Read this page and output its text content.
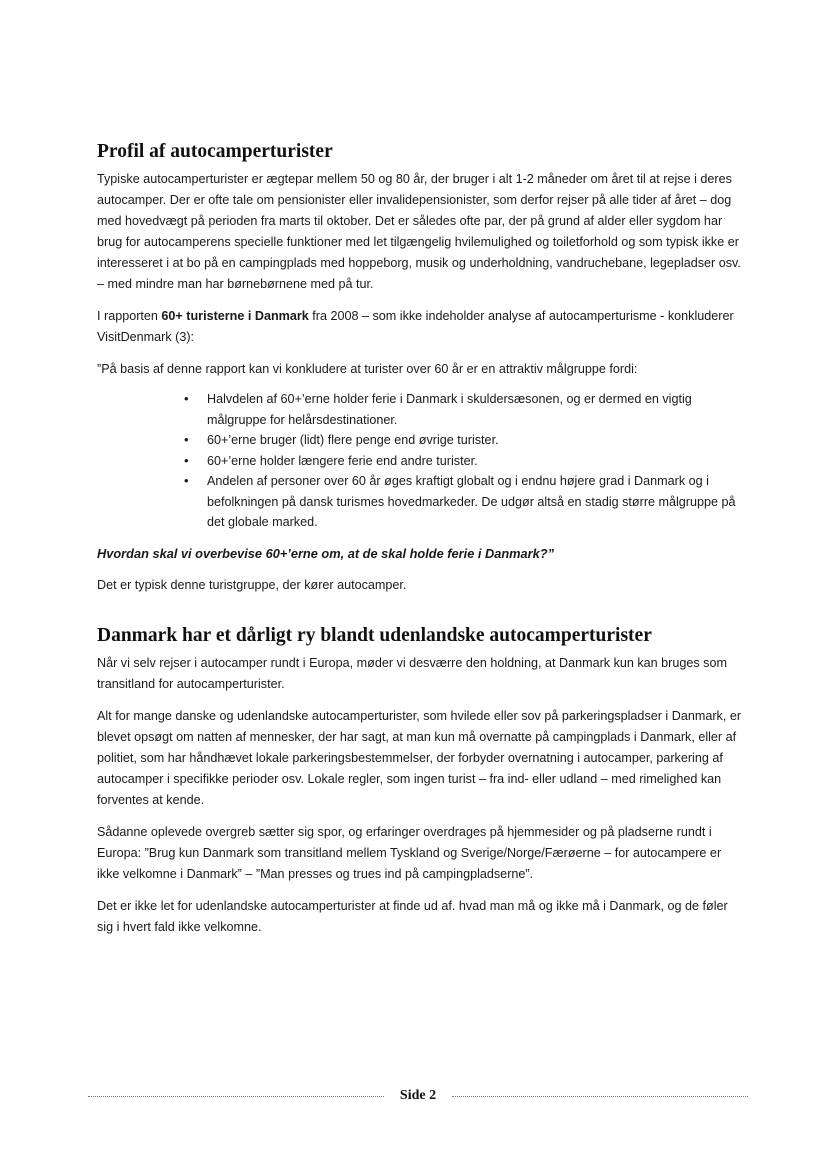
Profil af autocamperturister

Typiske autocamperturister er ægtepar mellem 50 og 80 år, der bruger i alt 1-2 måneder om året til at rejse i deres autocamper. Der er ofte tale om pensionister eller invalidepensionister, som derfor rejser på alle tider af året – dog med hovedvægt på perioden fra marts til oktober. Det er således ofte par, der på grund af alder eller sygdom har brug for autocamperens specielle funktioner med let tilgængelig hvilemulighed og toiletforhold og som typisk ikke er interesseret i at bo på en campingplads med hoppeborg, musik og underholdning, vandruchebane, legepladser osv. – med mindre man har børnebørnene med på tur.

I rapporten 60+ turisterne i Danmark fra 2008 – som ikke indeholder analyse af autocamperturisme - konkluderer VisitDenmark (3):

”På basis af denne rapport kan vi konkludere at turister over 60 år er en attraktiv målgruppe fordi:

• Halvdelen af 60+’erne holder ferie i Danmark i skuldersæsonen, og er dermed en vigtig målgruppe for helårsdestinationer.
• 60+’erne bruger (lidt) flere penge end øvrige turister.
• 60+’erne holder længere ferie end andre turister.
• Andelen af personer over 60 år øges kraftigt globalt og i endnu højere grad i Danmark og i befolkningen på dansk turismes hovedmarkeder. De udgør altså en stadig større målgruppe på det globale marked.

Hvordan skal vi overbevise 60+’erne om, at de skal holde ferie i Danmark?”

Det er typisk denne turistgruppe, der kører autocamper.

Danmark har et dårligt ry blandt udenlandske autocamperturister

Når vi selv rejser i autocamper rundt i Europa, møder vi desværre den holdning, at Danmark kun kan bruges som transitland for autocamperturister.

Alt for mange danske og udenlandske autocamperturister, som hvilede eller sov på parkeringspladser i Danmark, er blevet opsøgt om natten af mennesker, der har sagt, at man kun må overnatte på campingplads i Danmark, eller af politiet, som har håndhævet lokale parkeringsbestemmelser, der forbyder overnatning i autocamper, parkering af autocamper i specifikke perioder osv. Lokale regler, som ingen turist – fra ind- eller udland – med rimelighed kan forventes at kende.

Sådanne oplevede overgreb sætter sig spor, og erfaringer overdrages på hjemmesider og på pladserne rundt i Europa: ”Brug kun Danmark som transitland mellem Tyskland og Sverige/Norge/Færøerne – for autocampere er ikke velkomne i Danmark” – ”Man presses og trues ind på campingpladserne”.

Det er ikke let for udenlandske autocamperturister at finde ud af. hvad man må og ikke må i Danmark, og de føler sig i hvert fald ikke velkomne.

Side 2
